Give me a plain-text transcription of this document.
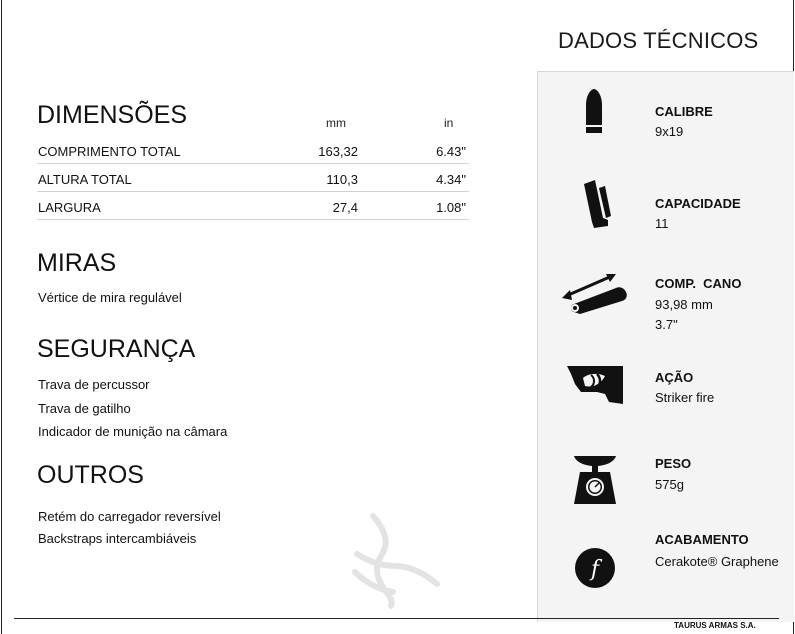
DADOS TÉCNICOS
DIMENSÕES	mm	in
COMPRIMENTO TOTAL	163,32	6.43"
ALTURA TOTAL	110,3	4.34"
LARGURA	27,4	1.08"
MIRAS
Vértice de mira regulável
SEGURANÇA
Trava de percussor
Trava de gatilho
Indicador de munição na câmara
OUTROS
Retém do carregador reversível
Backstraps intercambiáveis
f
CALIBRE
9x19
CAPACIDADE
11
COMP.  CANO
93,98 mm
3.7"
AÇÃO
Striker fire
PESO
575g
ACABAMENTO
Cerakote® Graphene
TAURUS ARMAS S.A.
